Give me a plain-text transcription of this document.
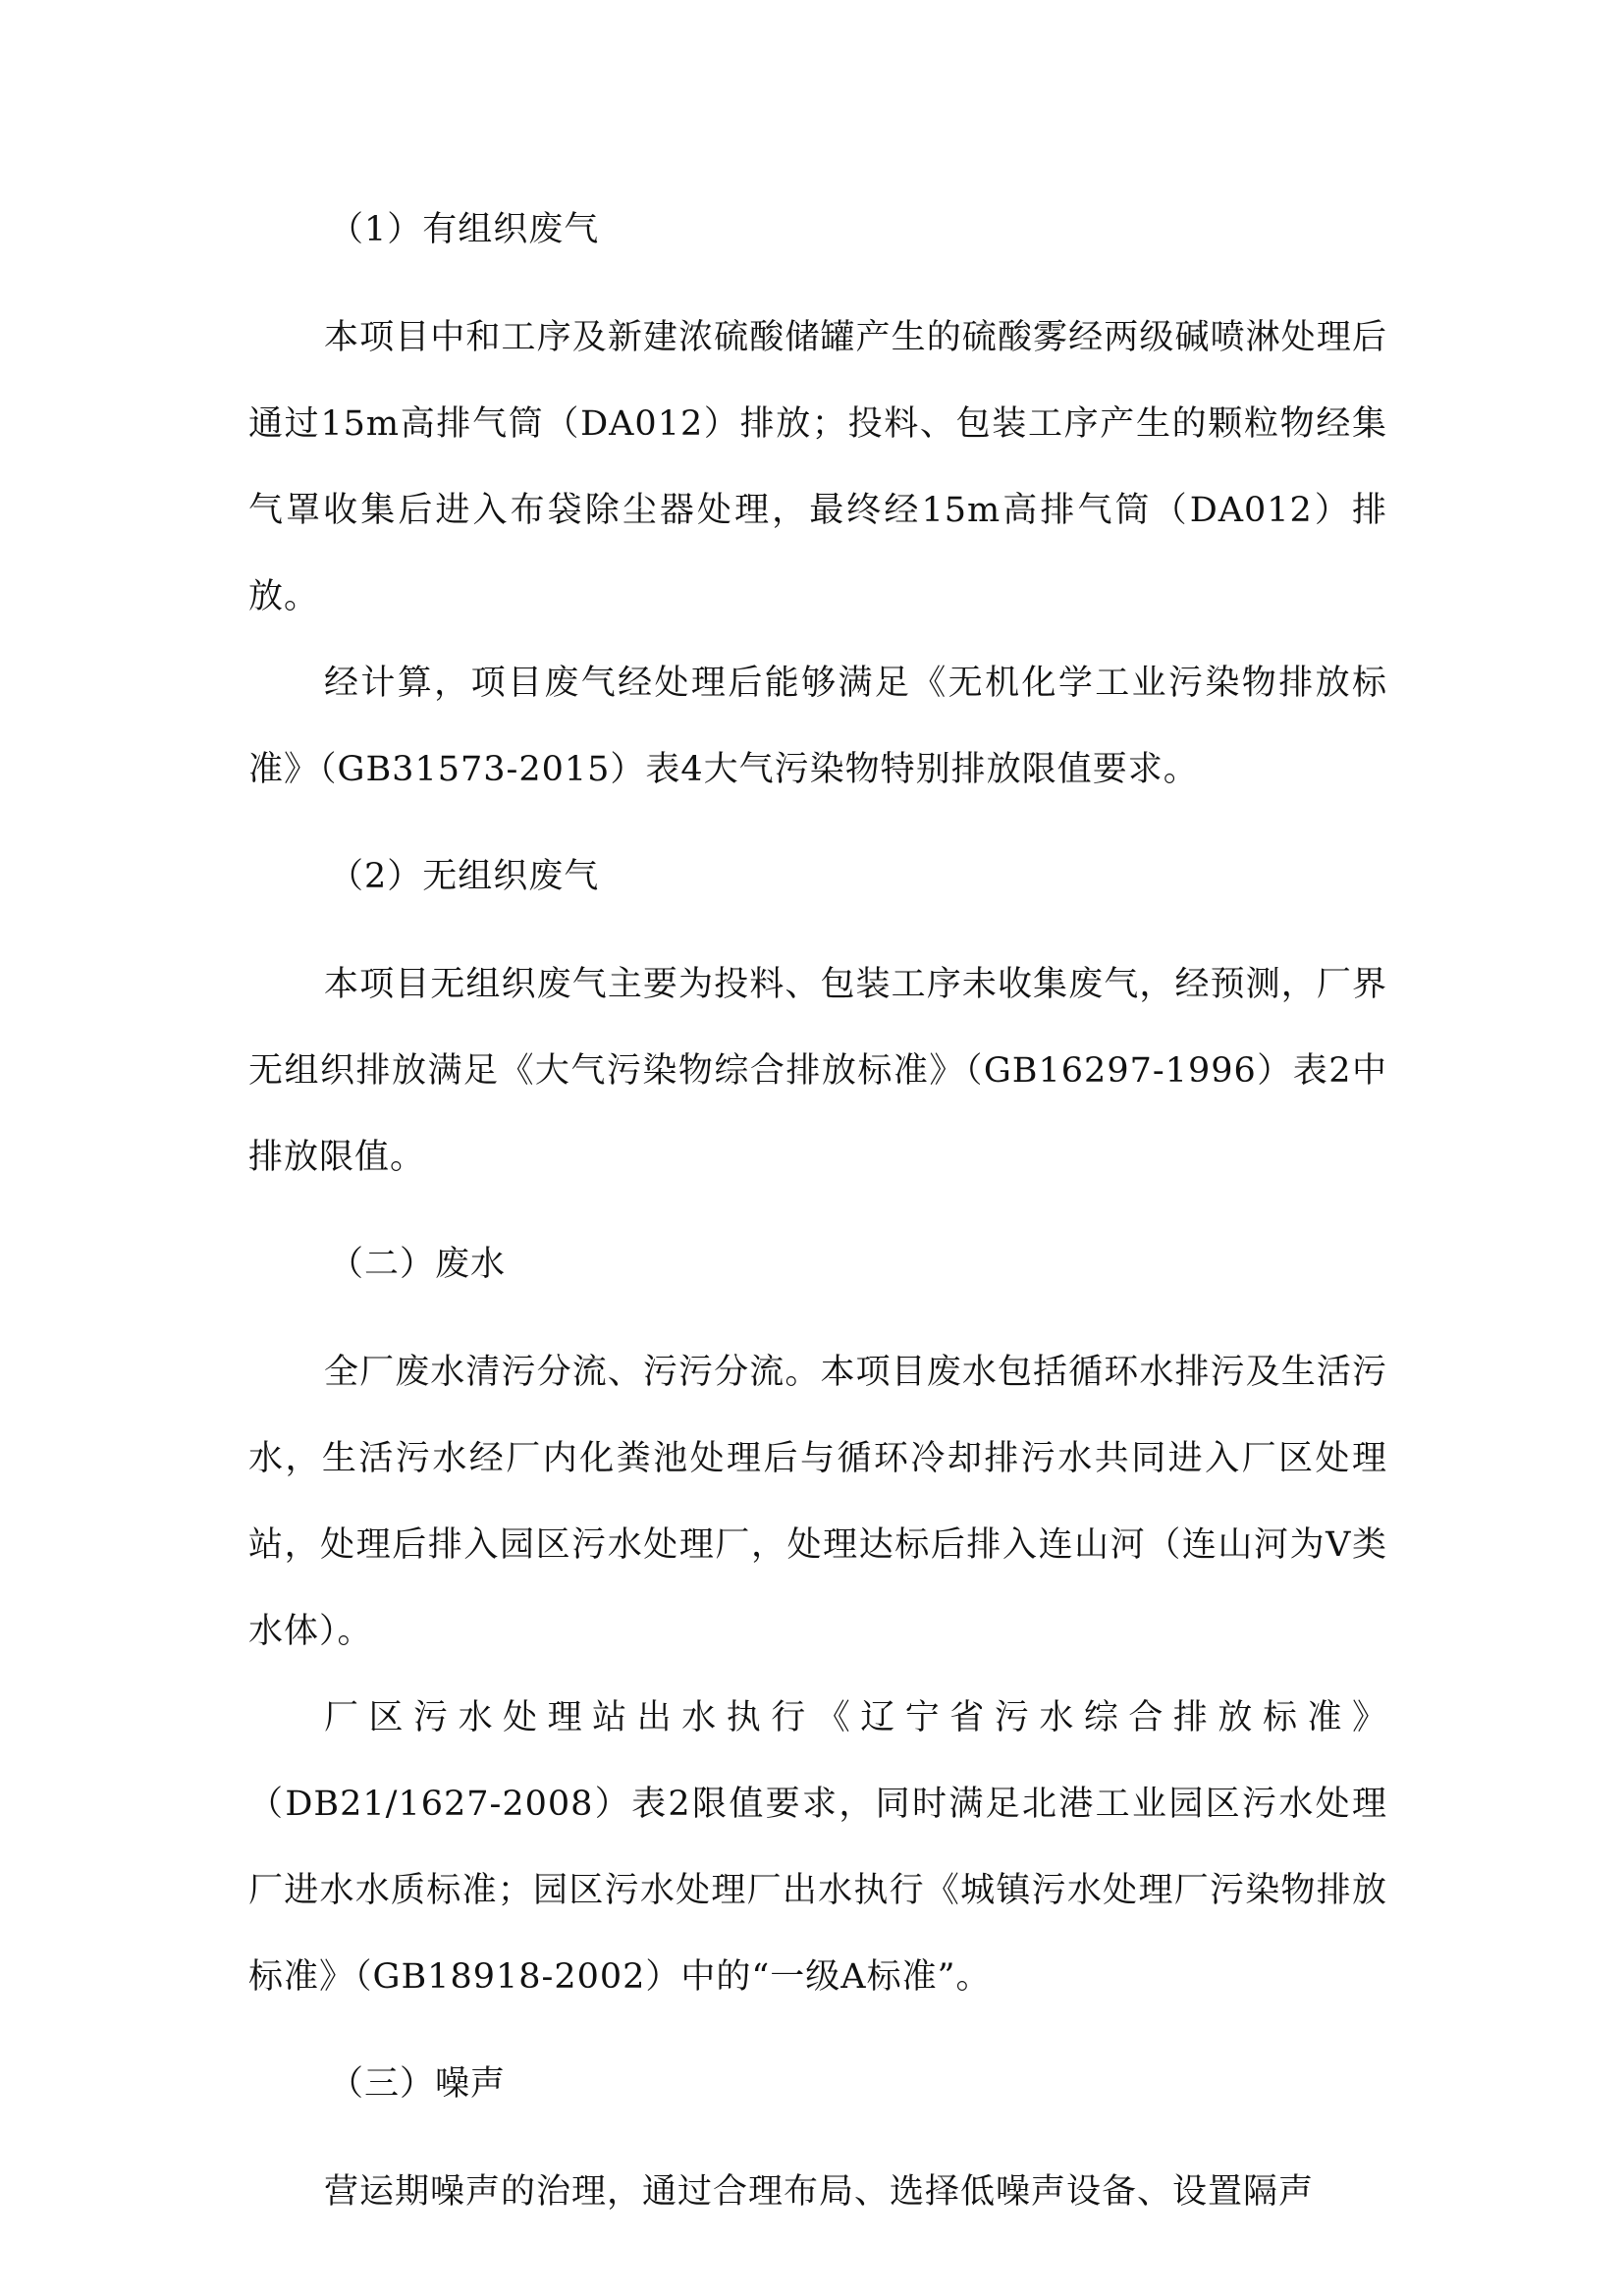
（1）有组织废气

本项目中和工序及新建浓硫酸储罐产生的硫酸雾经两级碱喷淋处理后通过15m高排气筒（DA012）排放；投料、包装工序产生的颗粒物经集气罩收集后进入布袋除尘器处理，最终经15m高排气筒（DA012）排放。

经计算，项目废气经处理后能够满足《无机化学工业污染物排放标准》（GB31573-2015）表4大气污染物特别排放限值要求。

（2）无组织废气

本项目无组织废气主要为投料、包装工序未收集废气，经预测，厂界无组织排放满足《大气污染物综合排放标准》（GB16297-1996）表2中排放限值。

（二）废水

全厂废水清污分流、污污分流。本项目废水包括循环水排污及生活污水，生活污水经厂内化粪池处理后与循环冷却排污水共同进入厂区处理站，处理后排入园区污水处理厂，处理达标后排入连山河（连山河为V类水体）。

厂区污水处理站出水执行《辽宁省污水综合排放标准》（DB21/1627-2008）表2限值要求，同时满足北港工业园区污水处理厂进水水质标准；园区污水处理厂出水执行《城镇污水处理厂污染物排放标准》（GB18918-2002）中的“一级A标准”。

（三）噪声

营运期噪声的治理，通过合理布局、选择低噪声设备、设置隔声
